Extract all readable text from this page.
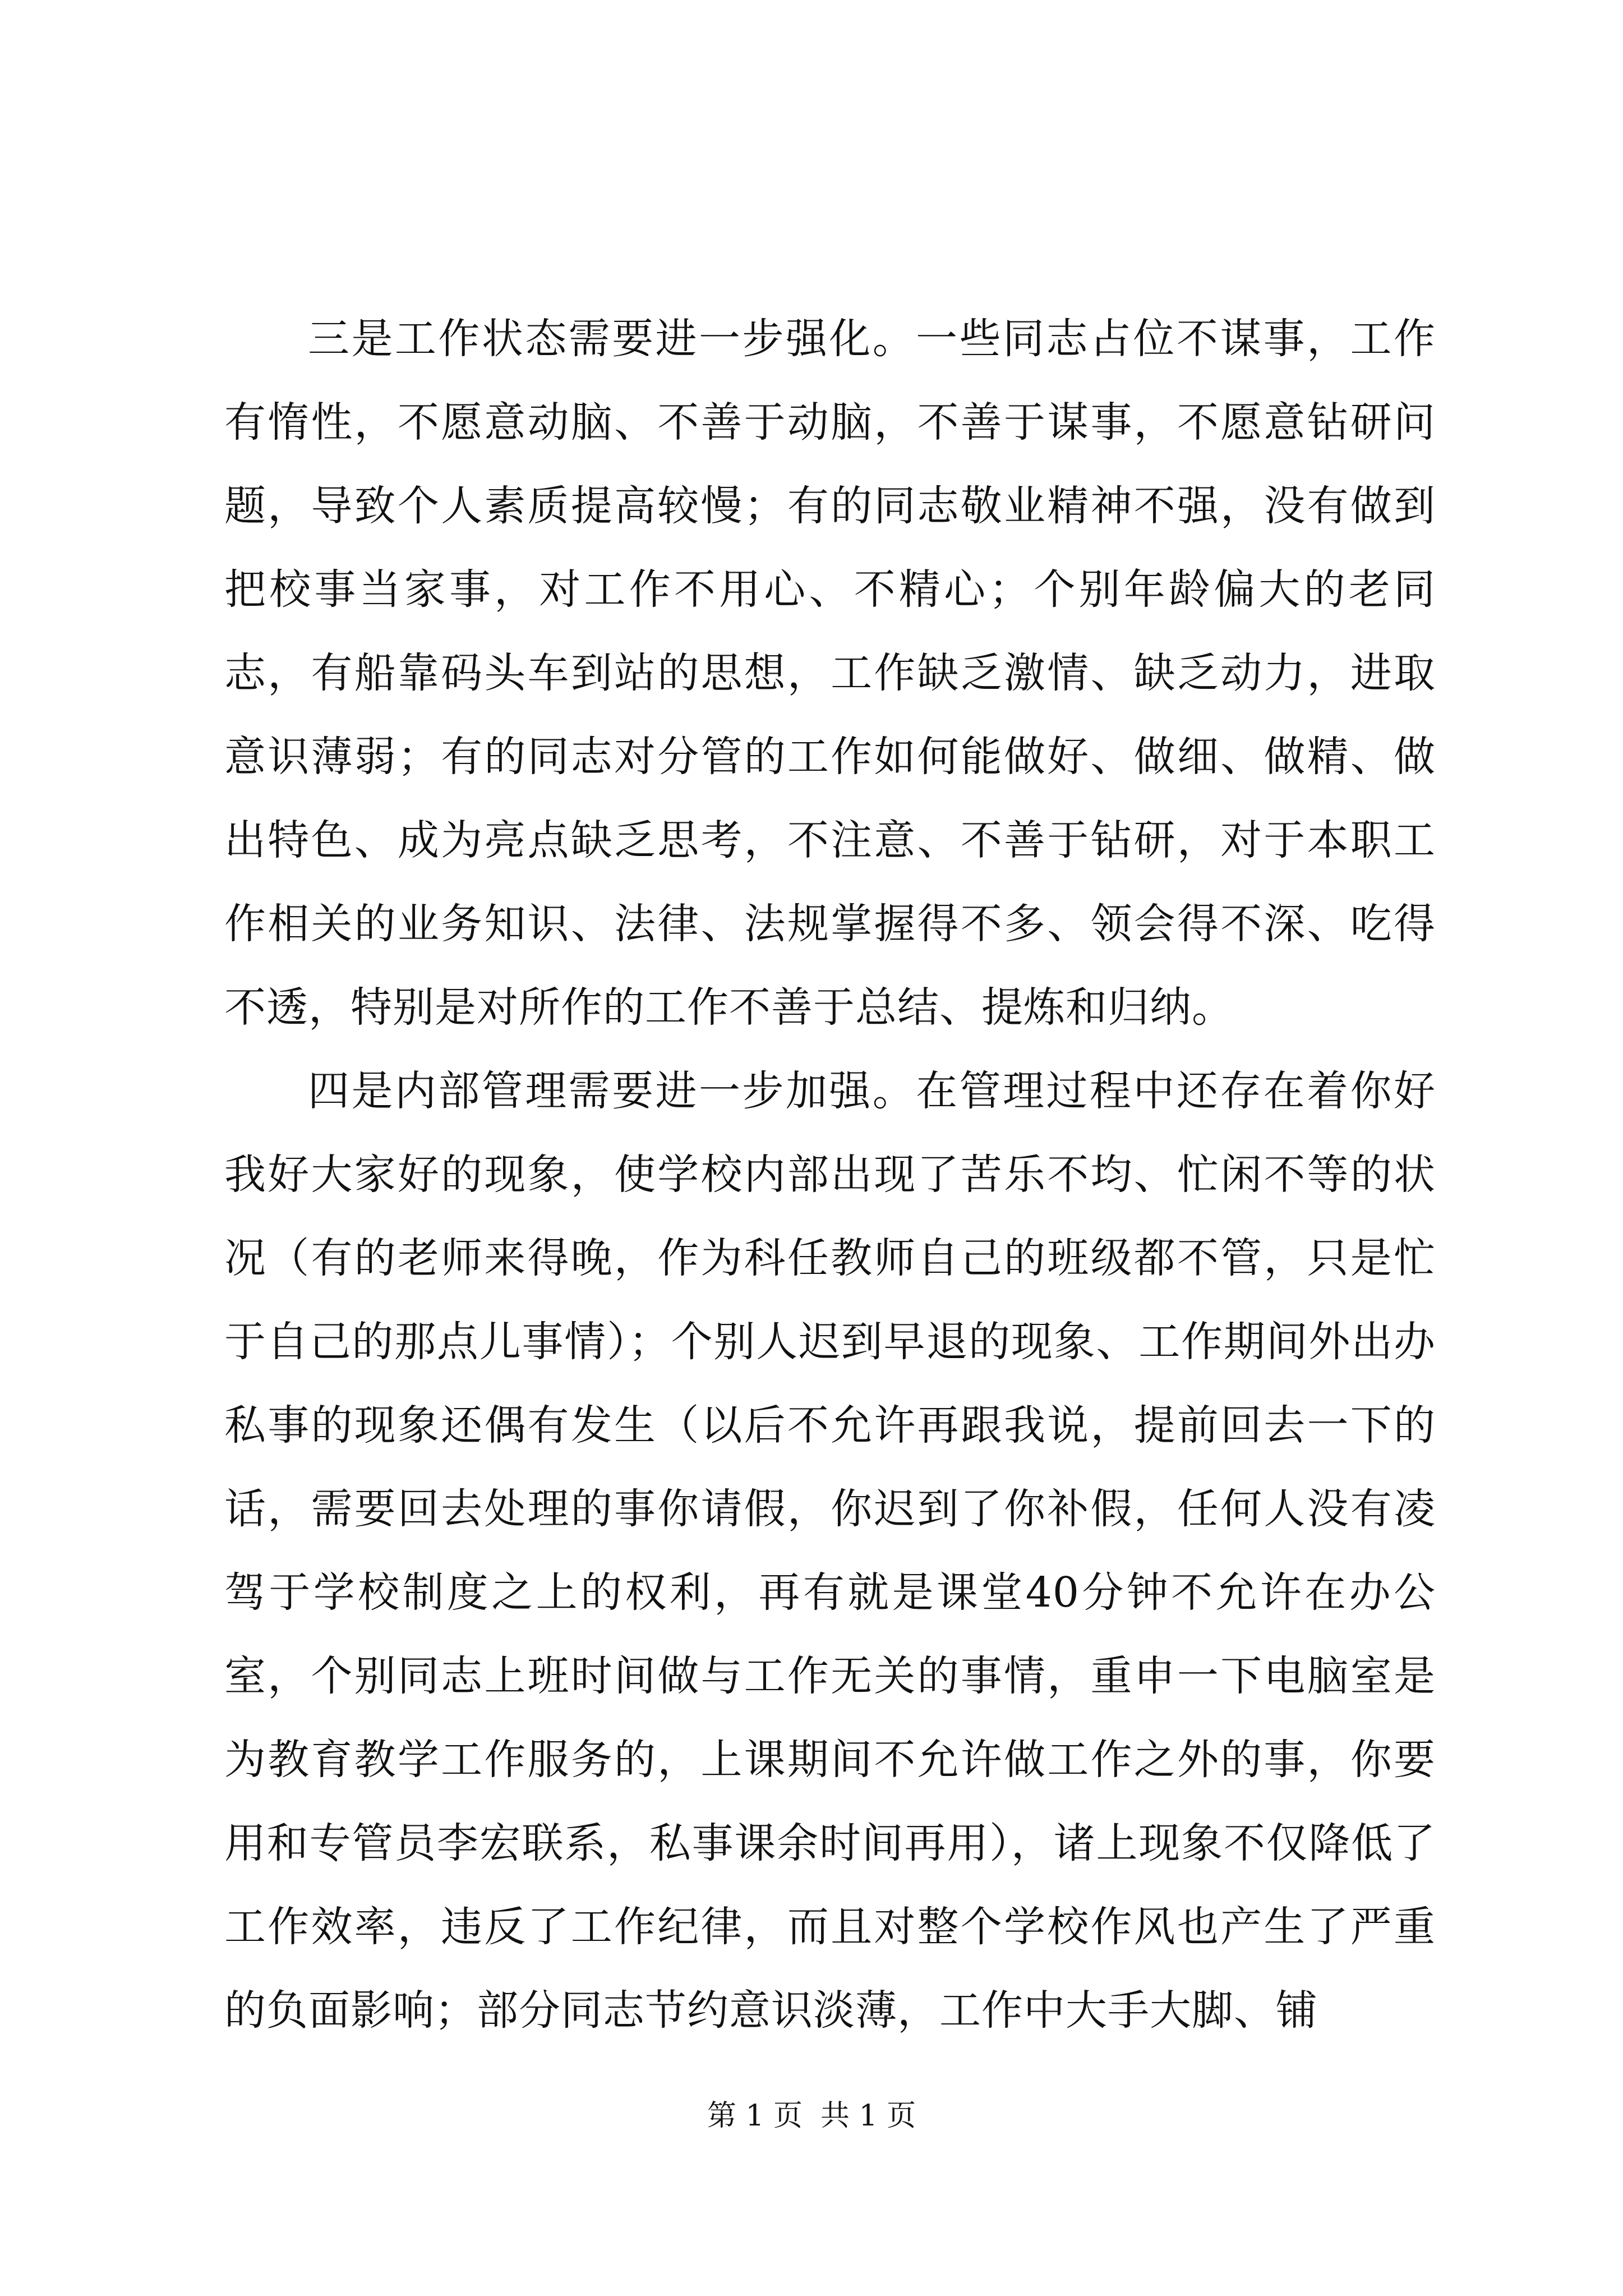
三是工作状态需要进一步强化。一些同志占位不谋事，工作有惰性，不愿意动脑、不善于动脑，不善于谋事，不愿意钻研问题，导致个人素质提高较慢；有的同志敬业精神不强，没有做到把校事当家事，对工作不用心、不精心；个别年龄偏大的老同志，有船靠码头车到站的思想，工作缺乏激情、缺乏动力，进取意识薄弱；有的同志对分管的工作如何能做好、做细、做精、做出特色、成为亮点缺乏思考，不注意、不善于钻研，对于本职工作相关的业务知识、法律、法规掌握得不多、领会得不深、吃得不透，特别是对所作的工作不善于总结、提炼和归纳。

四是内部管理需要进一步加强。在管理过程中还存在着你好我好大家好的现象，使学校内部出现了苦乐不均、忙闲不等的状况（有的老师来得晚，作为科任教师自己的班级都不管，只是忙于自己的那点儿事情）；个别人迟到早退的现象、工作期间外出办私事的现象还偶有发生（以后不允许再跟我说，提前回去一下的话，需要回去处理的事你请假，你迟到了你补假，任何人没有凌驾于学校制度之上的权利，再有就是课堂40分钟不允许在办公室，个别同志上班时间做与工作无关的事情，重申一下电脑室是为教育教学工作服务的，上课期间不允许做工作之外的事，你要用和专管员李宏联系，私事课余时间再用），诸上现象不仅降低了工作效率，违反了工作纪律，而且对整个学校作风也产生了严重的负面影响；部分同志节约意识淡薄，工作中大手大脚、铺

第 1 页 共 1 页
